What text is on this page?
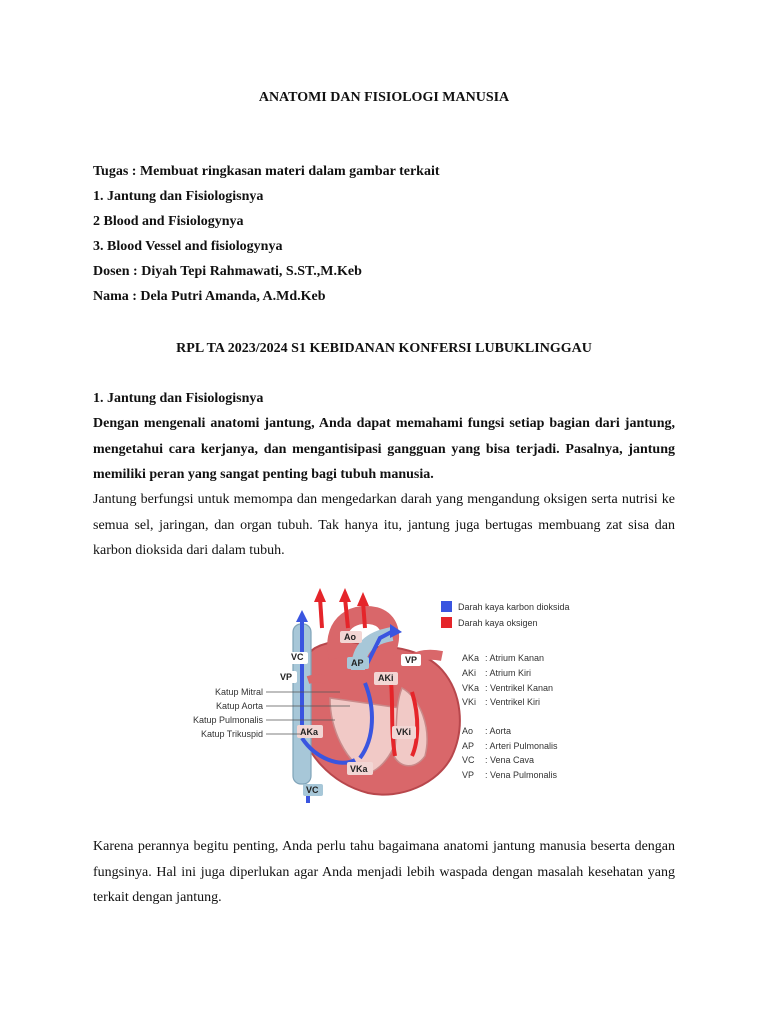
ANATOMI DAN FISIOLOGI MANUSIA
Tugas : Membuat ringkasan materi dalam gambar terkait
1. Jantung dan Fisiologisnya
2 Blood and Fisiologynya
3. Blood Vessel and fisiologynya
Dosen : Diyah Tepi Rahmawati, S.ST.,M.Keb
Nama : Dela Putri Amanda, A.Md.Keb
RPL TA 2023/2024 S1 KEBIDANAN KONFERSI LUBUKLINGGAU
1. Jantung dan Fisiologisnya
Dengan mengenali anatomi jantung, Anda dapat memahami fungsi setiap bagian dari jantung, mengetahui cara kerjanya, dan mengantisipasi gangguan yang bisa terjadi. Pasalnya, jantung memiliki peran yang sangat penting bagi tubuh manusia.
Jantung berfungsi untuk memompa dan mengedarkan darah yang mengandung oksigen serta nutrisi ke semua sel, jaringan, dan organ tubuh. Tak hanya itu, jantung juga bertugas membuang zat sisa dan karbon dioksida dari dalam tubuh.
Ao
AP
VC
VP
VP
AKi
AKa	VKi
VKa
VC
Katup Mitral
Katup Aorta
Katup Pulmonalis
Katup Trikuspid
Darah kaya karbon dioksida
Darah kaya oksigen
AKa : Atrium Kanan
AKi : Atrium Kiri
VKa : Ventrikel Kanan
VKi : Ventrikel Kiri
Ao : Aorta
AP : Arteri Pulmonalis
VC : Vena Cava
VP : Vena Pulmonalis
Karena perannya begitu penting, Anda perlu tahu bagaimana anatomi jantung manusia beserta dengan fungsinya. Hal ini juga diperlukan agar Anda menjadi lebih waspada dengan masalah kesehatan yang terkait dengan jantung.
